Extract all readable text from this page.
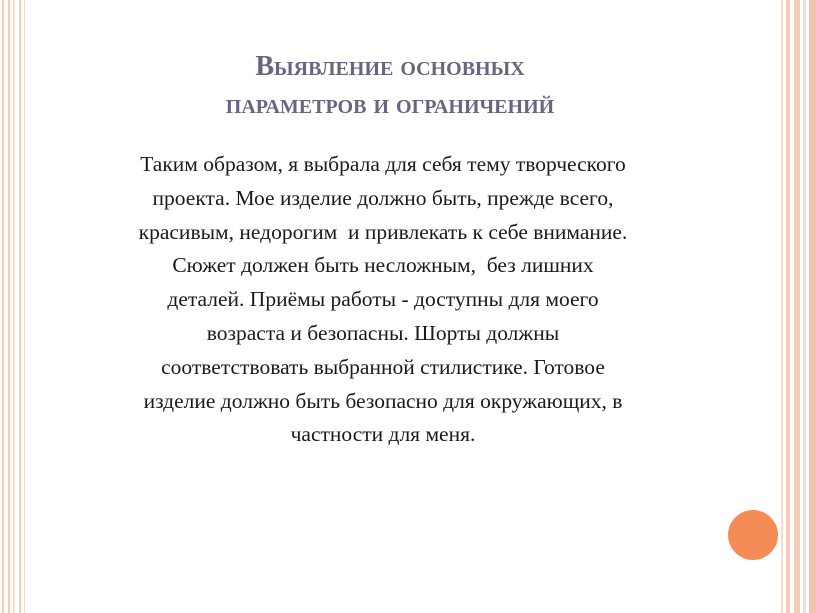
Выявление основных
параметров и ограничений

Таким образом, я выбрала для себя тему творческого
проекта. Мое изделие должно быть, прежде всего,
красивым, недорогим  и привлекать к себе внимание.
Сюжет должен быть несложным,  без лишних
деталей. Приёмы работы - доступны для моего
возраста и безопасны. Шорты должны
соответствовать выбранной стилистике. Готовое
изделие должно быть безопасно для окружающих, в
частности для меня.
